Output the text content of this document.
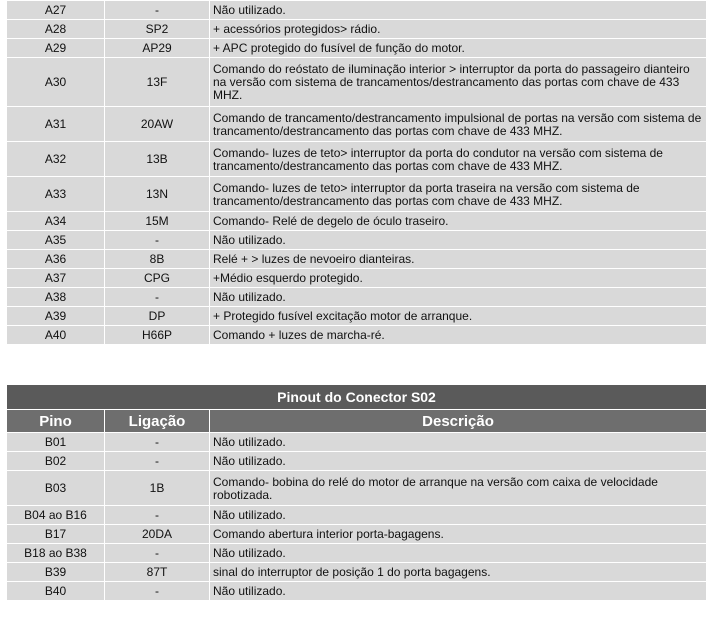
A27	-	Não utilizado.
A28	SP2	+ acessórios protegidos> rádio.
A29	AP29	+ APC protegido do fusível de função do motor.
A30	13F	Comando do reóstato de iluminação interior > interruptor da porta do passageiro dianteiro na versão com sistema de trancamentos/destrancamento das portas com chave de 433 MHZ.
A31	20AW	Comando de trancamento/destrancamento impulsional de portas na versão com sistema de trancamento/destrancamento das portas com chave de 433 MHZ.
A32	13B	Comando- luzes de teto> interruptor da porta do condutor na versão com sistema de trancamento/destrancamento das portas com chave de 433 MHZ.
A33	13N	Comando- luzes de teto> interruptor da porta traseira na versão com sistema de trancamento/destrancamento das portas com chave de 433 MHZ.
A34	15M	Comando- Relé de degelo de óculo traseiro.
A35	-	Não utilizado.
A36	8B	Relé + > luzes de nevoeiro dianteiras.
A37	CPG	+Médio esquerdo protegido.
A38	-	Não utilizado.
A39	DP	+ Protegido fusível excitação motor de arranque.
A40	H66P	Comando + luzes de marcha-ré.
Pinout do Conector S02		
Pino	Ligação	Descrição
B01	-	Não utilizado.
B02	-	Não utilizado.
B03	1B	Comando- bobina do relé do motor de arranque na versão com caixa de velocidade robotizada.
B04 ao B16	-	Não utilizado.
B17	20DA	Comando abertura interior porta-bagagens.
B18 ao B38	-	Não utilizado.
B39	87T	sinal do interruptor de posição 1 do porta bagagens.
B40	-	Não utilizado.
